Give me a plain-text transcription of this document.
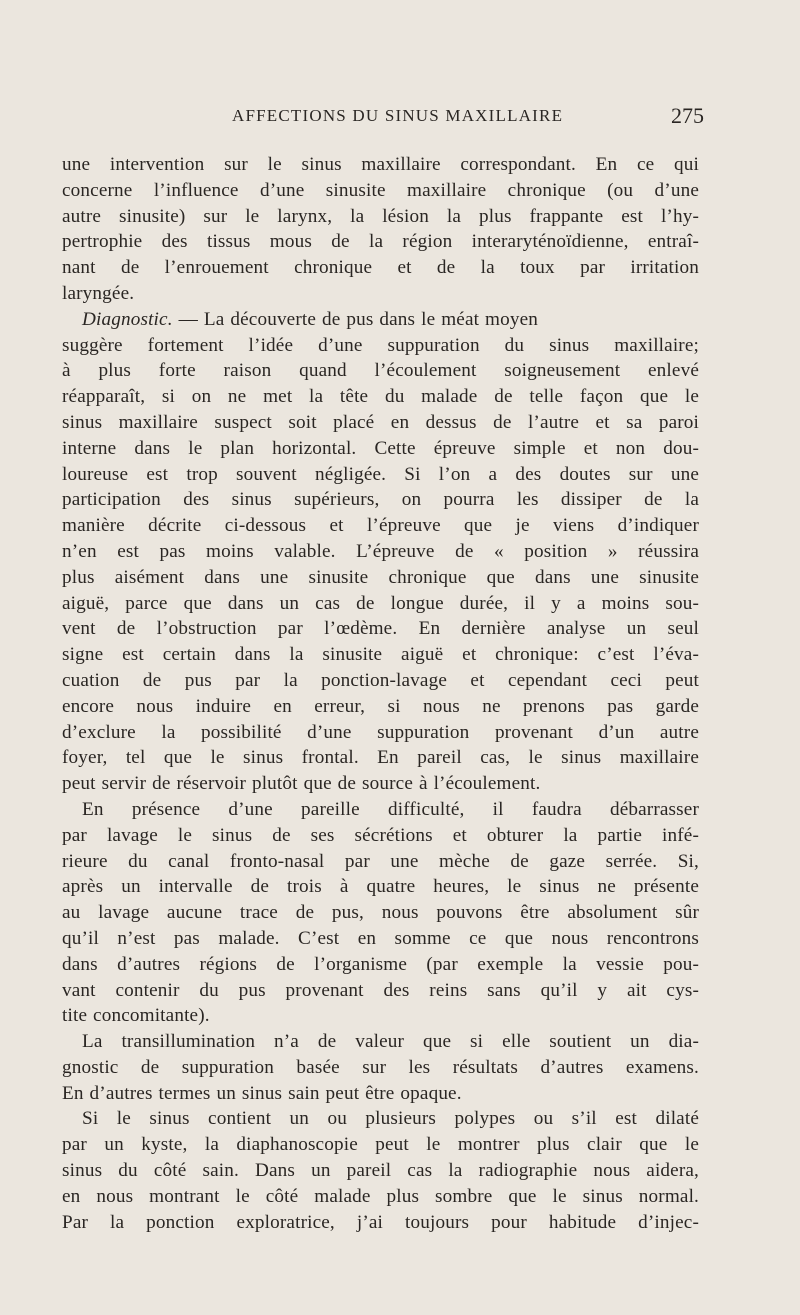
AFFECTIONS DU SINUS MAXILLAIRE	275
une intervention sur le sinus maxillaire correspondant. En ce qui
concerne l’influence d’une sinusite maxillaire chronique (ou d’une
autre sinusite) sur le larynx, la lésion la plus frappante est l’hy-
pertrophie des tissus mous de la région interaryténoïdienne, entraî-
nant de l’enrouement chronique et de la toux par irritation
laryngée.
Diagnostic. — La découverte de pus dans le méat moyen
suggère fortement l’idée d’une suppuration du sinus maxillaire;
à plus forte raison quand l’écoulement soigneusement enlevé
réapparaît, si on ne met la tête du malade de telle façon que le
sinus maxillaire suspect soit placé en dessus de l’autre et sa paroi
interne dans le plan horizontal. Cette épreuve simple et non dou-
loureuse est trop souvent négligée. Si l’on a des doutes sur une
participation des sinus supérieurs, on pourra les dissiper de la
manière décrite ci-dessous et l’épreuve que je viens d’indiquer
n’en est pas moins valable. L’épreuve de « position » réussira
plus aisément dans une sinusite chronique que dans une sinusite
aiguë, parce que dans un cas de longue durée, il y a moins sou-
vent de l’obstruction par l’œdème. En dernière analyse un seul
signe est certain dans la sinusite aiguë et chronique: c’est l’éva-
cuation de pus par la ponction-lavage et cependant ceci peut
encore nous induire en erreur, si nous ne prenons pas garde
d’exclure la possibilité d’une suppuration provenant d’un autre
foyer, tel que le sinus frontal. En pareil cas, le sinus maxillaire
peut servir de réservoir plutôt que de source à l’écoulement.
En présence d’une pareille difficulté, il faudra débarrasser
par lavage le sinus de ses sécrétions et obturer la partie infé-
rieure du canal fronto-nasal par une mèche de gaze serrée. Si,
après un intervalle de trois à quatre heures, le sinus ne présente
au lavage aucune trace de pus, nous pouvons être absolument sûr
qu’il n’est pas malade. C’est en somme ce que nous rencontrons
dans d’autres régions de l’organisme (par exemple la vessie pou-
vant contenir du pus provenant des reins sans qu’il y ait cys-
tite concomitante).
La transillumination n’a de valeur que si elle soutient un dia-
gnostic de suppuration basée sur les résultats d’autres examens.
En d’autres termes un sinus sain peut être opaque.
Si le sinus contient un ou plusieurs polypes ou s’il est dilaté
par un kyste, la diaphanoscopie peut le montrer plus clair que le
sinus du côté sain. Dans un pareil cas la radiographie nous aidera,
en nous montrant le côté malade plus sombre que le sinus normal.
Par la ponction exploratrice, j’ai toujours pour habitude d’injec-
